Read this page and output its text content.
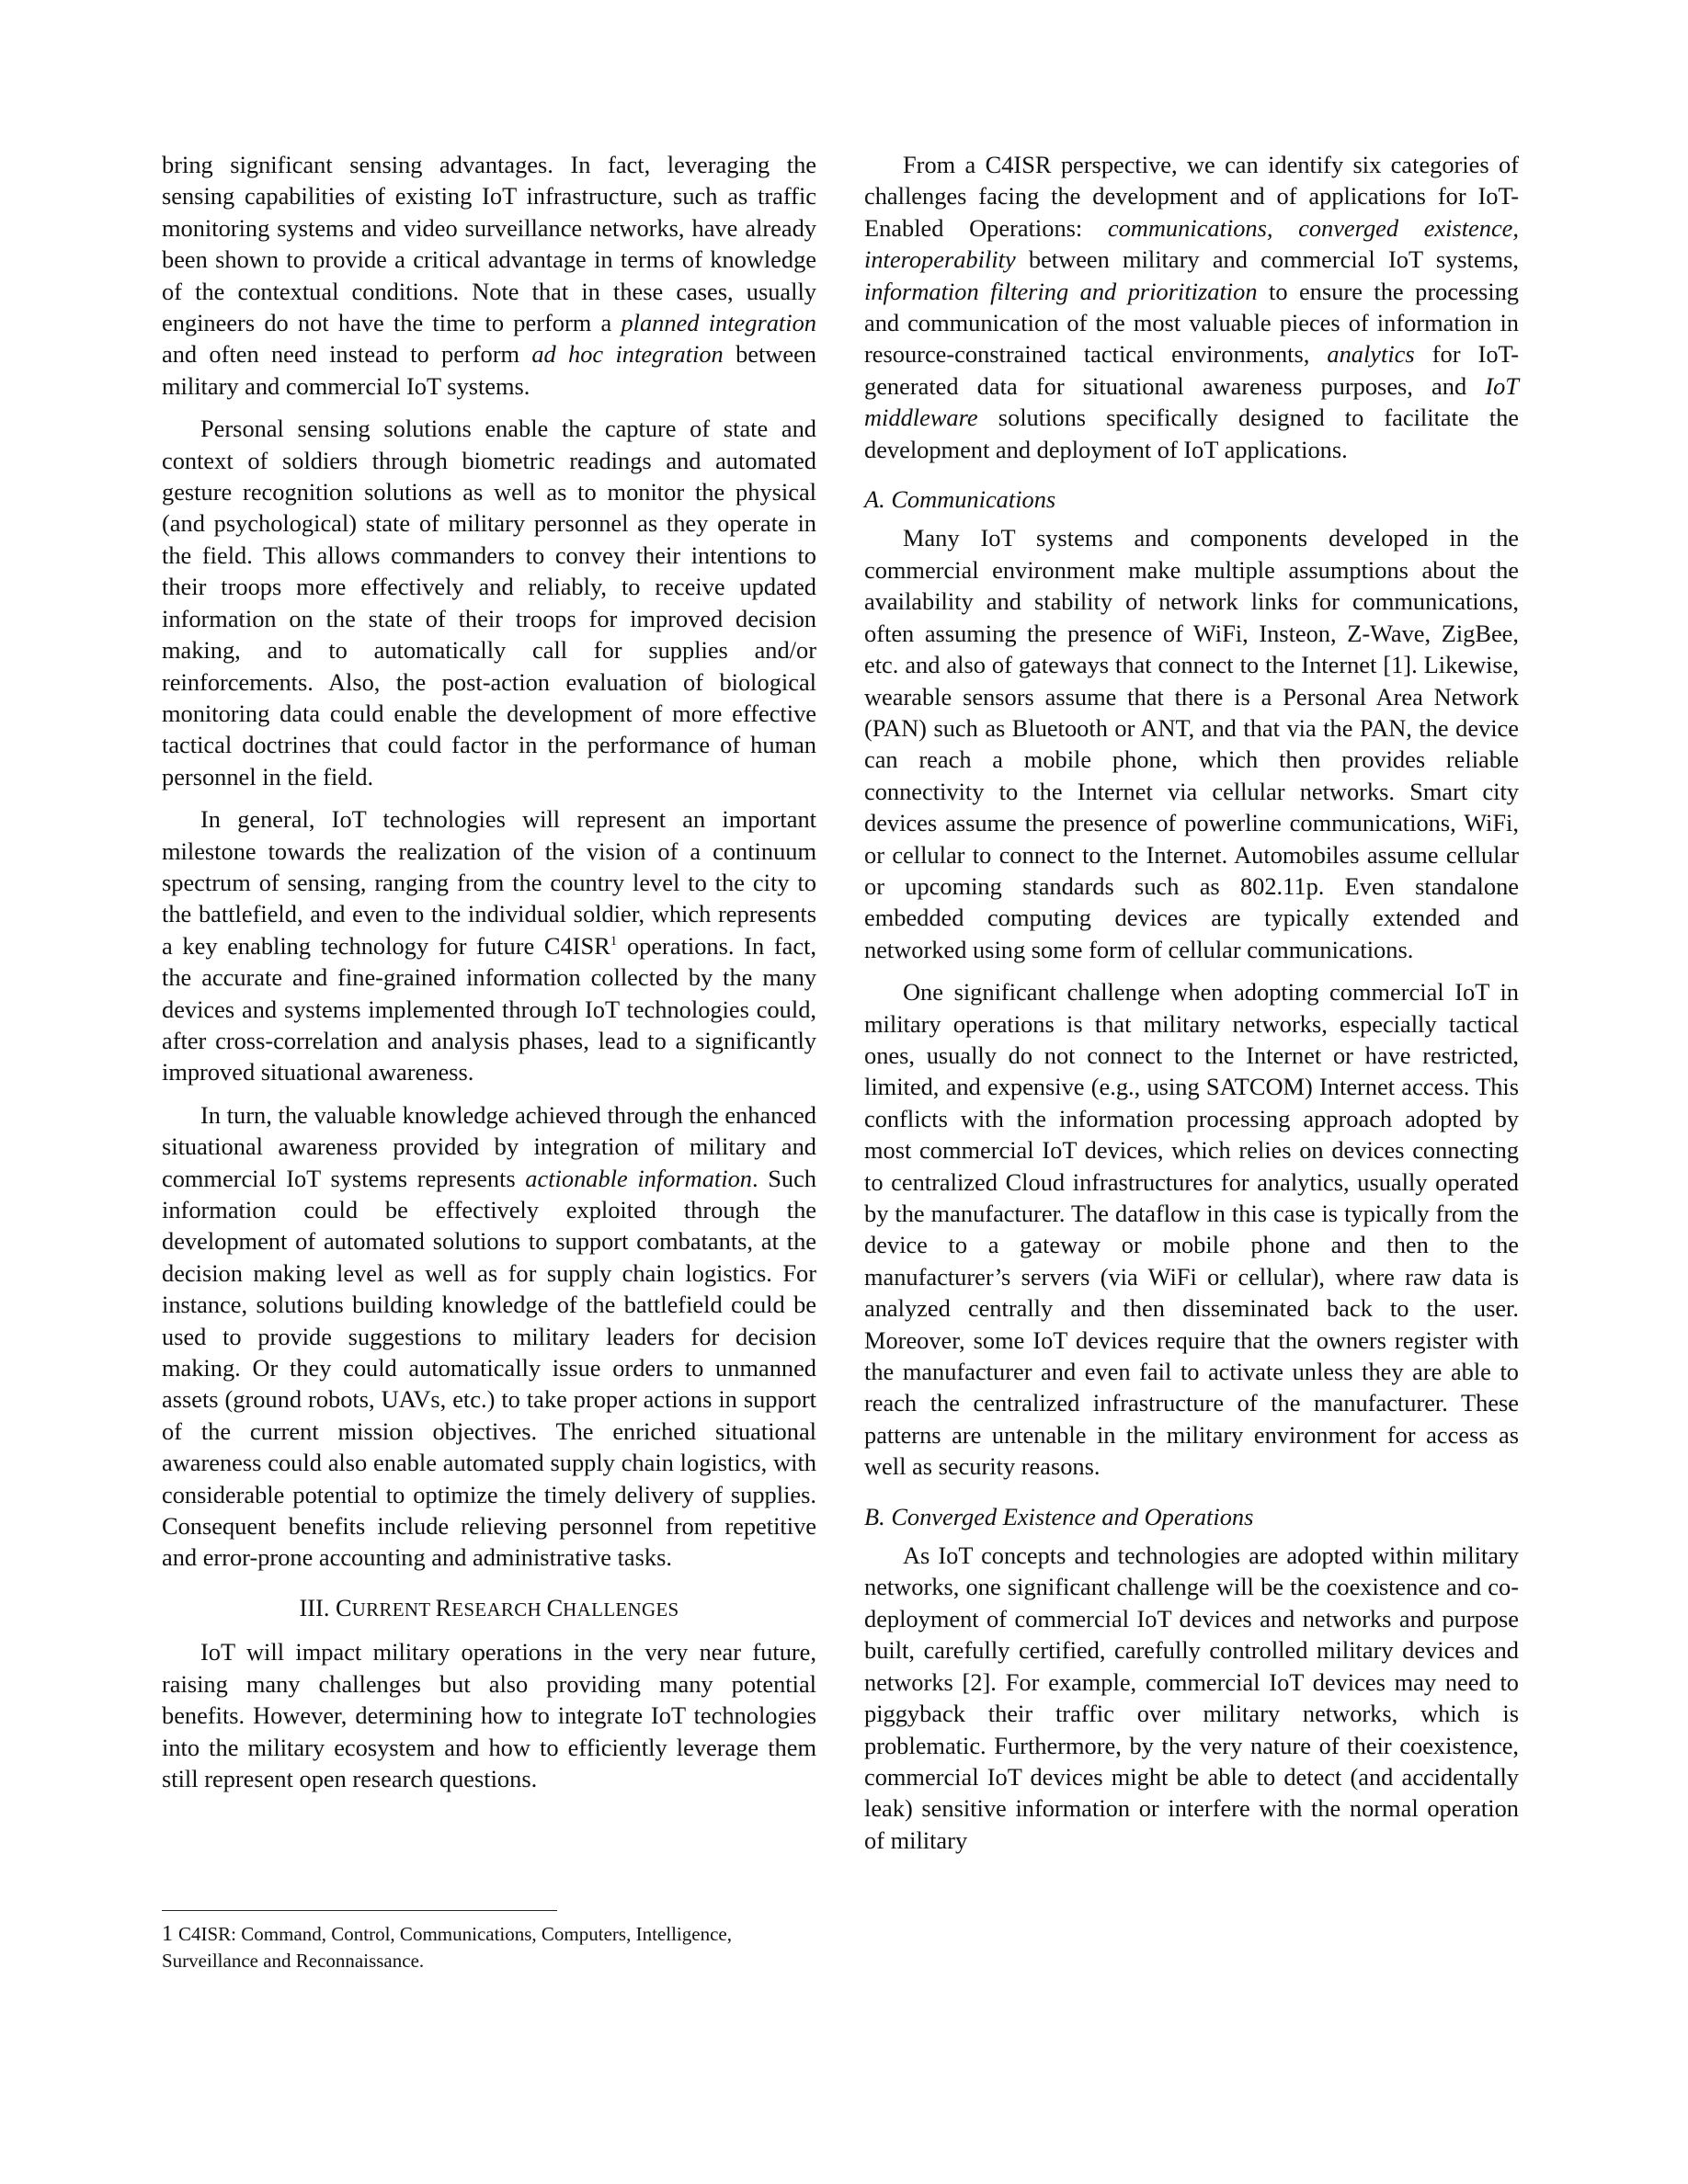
bring significant sensing advantages. In fact, leveraging the sensing capabilities of existing IoT infrastructure, such as traffic monitoring systems and video surveillance networks, have already been shown to provide a critical advantage in terms of knowledge of the contextual conditions. Note that in these cases, usually engineers do not have the time to perform a planned integration and often need instead to perform ad hoc integration between military and commercial IoT systems.

Personal sensing solutions enable the capture of state and context of soldiers through biometric readings and automated gesture recognition solutions as well as to monitor the physical (and psychological) state of military personnel as they operate in the field. This allows commanders to convey their intentions to their troops more effectively and reliably, to receive updated information on the state of their troops for improved decision making, and to automatically call for supplies and/or reinforcements. Also, the post-action evaluation of biological monitoring data could enable the development of more effective tactical doctrines that could factor in the performance of human personnel in the field.

In general, IoT technologies will represent an important milestone towards the realization of the vision of a continuum spectrum of sensing, ranging from the country level to the city to the battlefield, and even to the individual soldier, which represents a key enabling technology for future C4ISR$^1$ operations. In fact, the accurate and fine-grained information collected by the many devices and systems implemented through IoT technologies could, after cross-correlation and analysis phases, lead to a significantly improved situational awareness.

In turn, the valuable knowledge achieved through the enhanced situational awareness provided by integration of military and commercial IoT systems represents actionable information. Such information could be effectively exploited through the development of automated solutions to support combatants, at the decision making level as well as for supply chain logistics. For instance, solutions building knowledge of the battlefield could be used to provide suggestions to military leaders for decision making. Or they could automatically issue orders to unmanned assets (ground robots, UAVs, etc.) to take proper actions in support of the current mission objectives. The enriched situational awareness could also enable automated supply chain logistics, with considerable potential to optimize the timely delivery of supplies. Consequent benefits include relieving personnel from repetitive and error-prone accounting and administrative tasks.

III. CURRENT RESEARCH CHALLENGES

IoT will impact military operations in the very near future, raising many challenges but also providing many potential benefits. However, determining how to integrate IoT technologies into the military ecosystem and how to efficiently leverage them still represent open research questions.

From a C4ISR perspective, we can identify six categories of challenges facing the development and of applications for IoT-Enabled Operations: communications, converged existence, interoperability between military and commercial IoT systems, information filtering and prioritization to ensure the processing and communication of the most valuable pieces of information in resource-constrained tactical environments, analytics for IoT-generated data for situational awareness purposes, and IoT middleware solutions specifically designed to facilitate the development and deployment of IoT applications.

A. Communications

Many IoT systems and components developed in the commercial environment make multiple assumptions about the availability and stability of network links for communications, often assuming the presence of WiFi, Insteon, Z-Wave, ZigBee, etc. and also of gateways that connect to the Internet [1]. Likewise, wearable sensors assume that there is a Personal Area Network (PAN) such as Bluetooth or ANT, and that via the PAN, the device can reach a mobile phone, which then provides reliable connectivity to the Internet via cellular networks. Smart city devices assume the presence of powerline communications, WiFi, or cellular to connect to the Internet. Automobiles assume cellular or upcoming standards such as 802.11p. Even standalone embedded computing devices are typically extended and networked using some form of cellular communications.

One significant challenge when adopting commercial IoT in military operations is that military networks, especially tactical ones, usually do not connect to the Internet or have restricted, limited, and expensive (e.g., using SATCOM) Internet access. This conflicts with the information processing approach adopted by most commercial IoT devices, which relies on devices connecting to centralized Cloud infrastructures for analytics, usually operated by the manufacturer. The dataflow in this case is typically from the device to a gateway or mobile phone and then to the manufacturer’s servers (via WiFi or cellular), where raw data is analyzed centrally and then disseminated back to the user. Moreover, some IoT devices require that the owners register with the manufacturer and even fail to activate unless they are able to reach the centralized infrastructure of the manufacturer. These patterns are untenable in the military environment for access as well as security reasons.

B. Converged Existence and Operations

As IoT concepts and technologies are adopted within military networks, one significant challenge will be the coexistence and co-deployment of commercial IoT devices and networks and purpose built, carefully certified, carefully controlled military devices and networks [2]. For example, commercial IoT devices may need to piggyback their traffic over military networks, which is problematic. Furthermore, by the very nature of their coexistence, commercial IoT devices might be able to detect (and accidentally leak) sensitive information or interfere with the normal operation of military

1 C4ISR: Command, Control, Communications, Computers, Intelligence, Surveillance and Reconnaissance.
